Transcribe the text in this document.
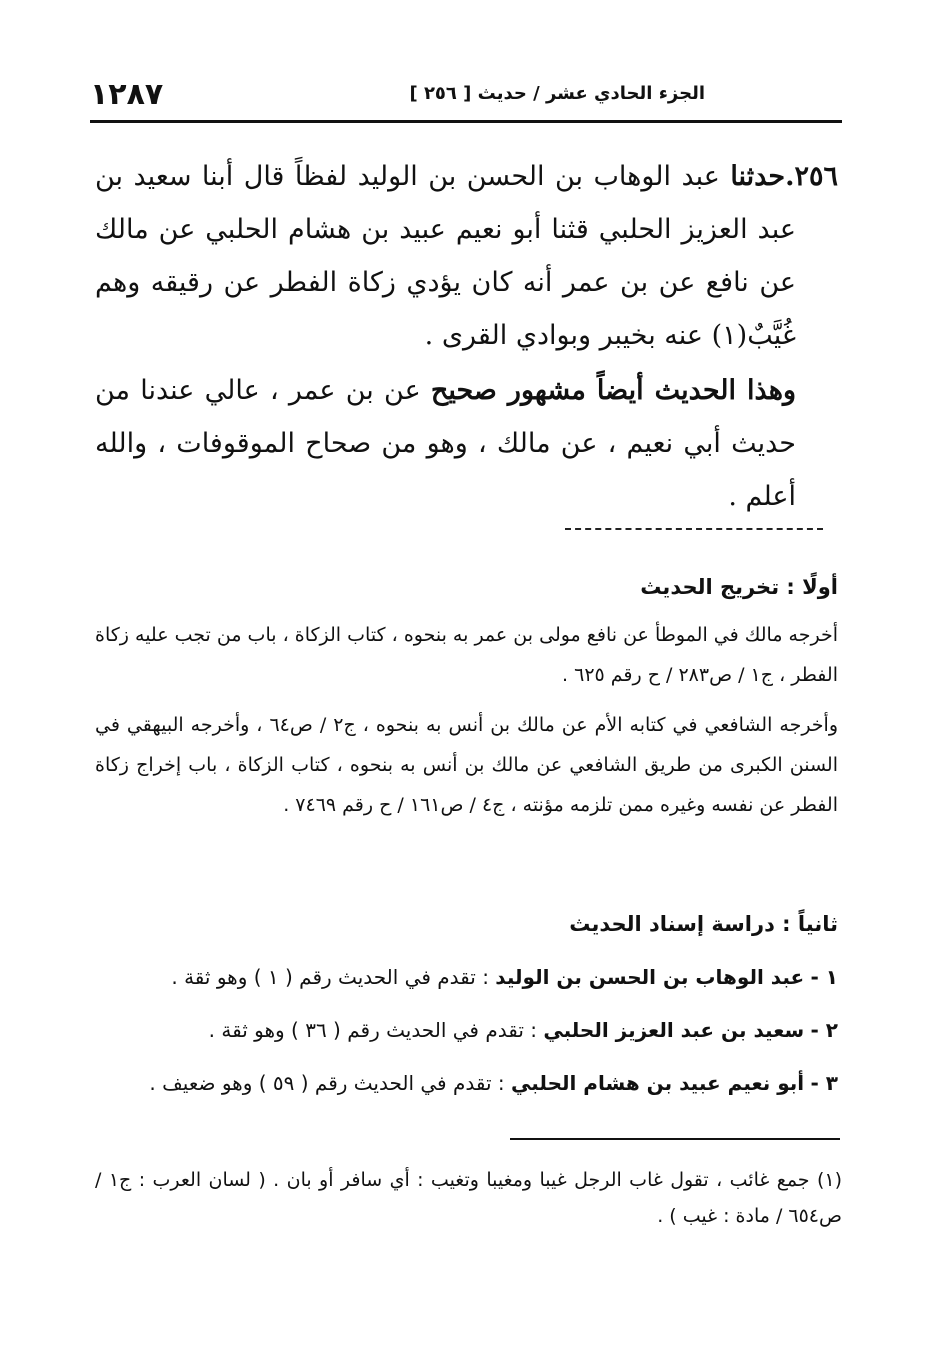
١٢٨٧	الجزء الحادي عشر / حديث [ ٢٥٦ ]

٢٥٦.حدثنا عبد الوهاب بن الحسن بن الوليد لفظاً قال أبنا سعيد بن عبد العزيز الحلبي قثنا أبو نعيم عبيد بن هشام الحلبي عن مالك عن نافع عن بن عمر أنه كان يؤدي زكاة الفطر عن رقيقه وهم غُيَّبٌ(١) عنه بخيبر وبوادي القرى .

وهذا الحديث أيضاً مشهور صحيح عن بن عمر ، عالي عندنا من حديث أبي نعيم ، عن مالك ، وهو من صحاح الموقوفات ، والله أعلم .

أولًا : تخريج الحديث

أخرجه مالك في الموطأ عن نافع مولى بن عمر به بنحوه ، كتاب الزكاة ، باب من تجب عليه زكاة الفطر ، ج١ / ص٢٨٣ / ح رقم ٦٢٥ .

وأخرجه الشافعي في كتابه الأم عن مالك بن أنس به بنحوه ، ج٢ / ص٦٤ ، وأخرجه البيهقي في السنن الكبرى من طريق الشافعي عن مالك بن أنس به بنحوه ، كتاب الزكاة ، باب إخراج زكاة الفطر عن نفسه وغيره ممن تلزمه مؤنته ، ج٤ / ص١٦١ / ح رقم ٧٤٦٩ .

ثانياً : دراسة إسناد الحديث

١ - عبد الوهاب بن الحسن بن الوليد : تقدم في الحديث رقم ( ١ ) وهو ثقة .

٢ - سعيد بن عبد العزيز الحلبي : تقدم في الحديث رقم ( ٣٦ ) وهو ثقة .

٣ - أبو نعيم عبيد بن هشام الحلبي : تقدم في الحديث رقم ( ٥٩ ) وهو ضعيف .

(١) جمع غائب ، تقول غاب الرجل غيبا ومغيبا وتغيب : أي سافر أو بان . ( لسان العرب : ج١ / ص٦٥٤ / مادة : غيب ) .
